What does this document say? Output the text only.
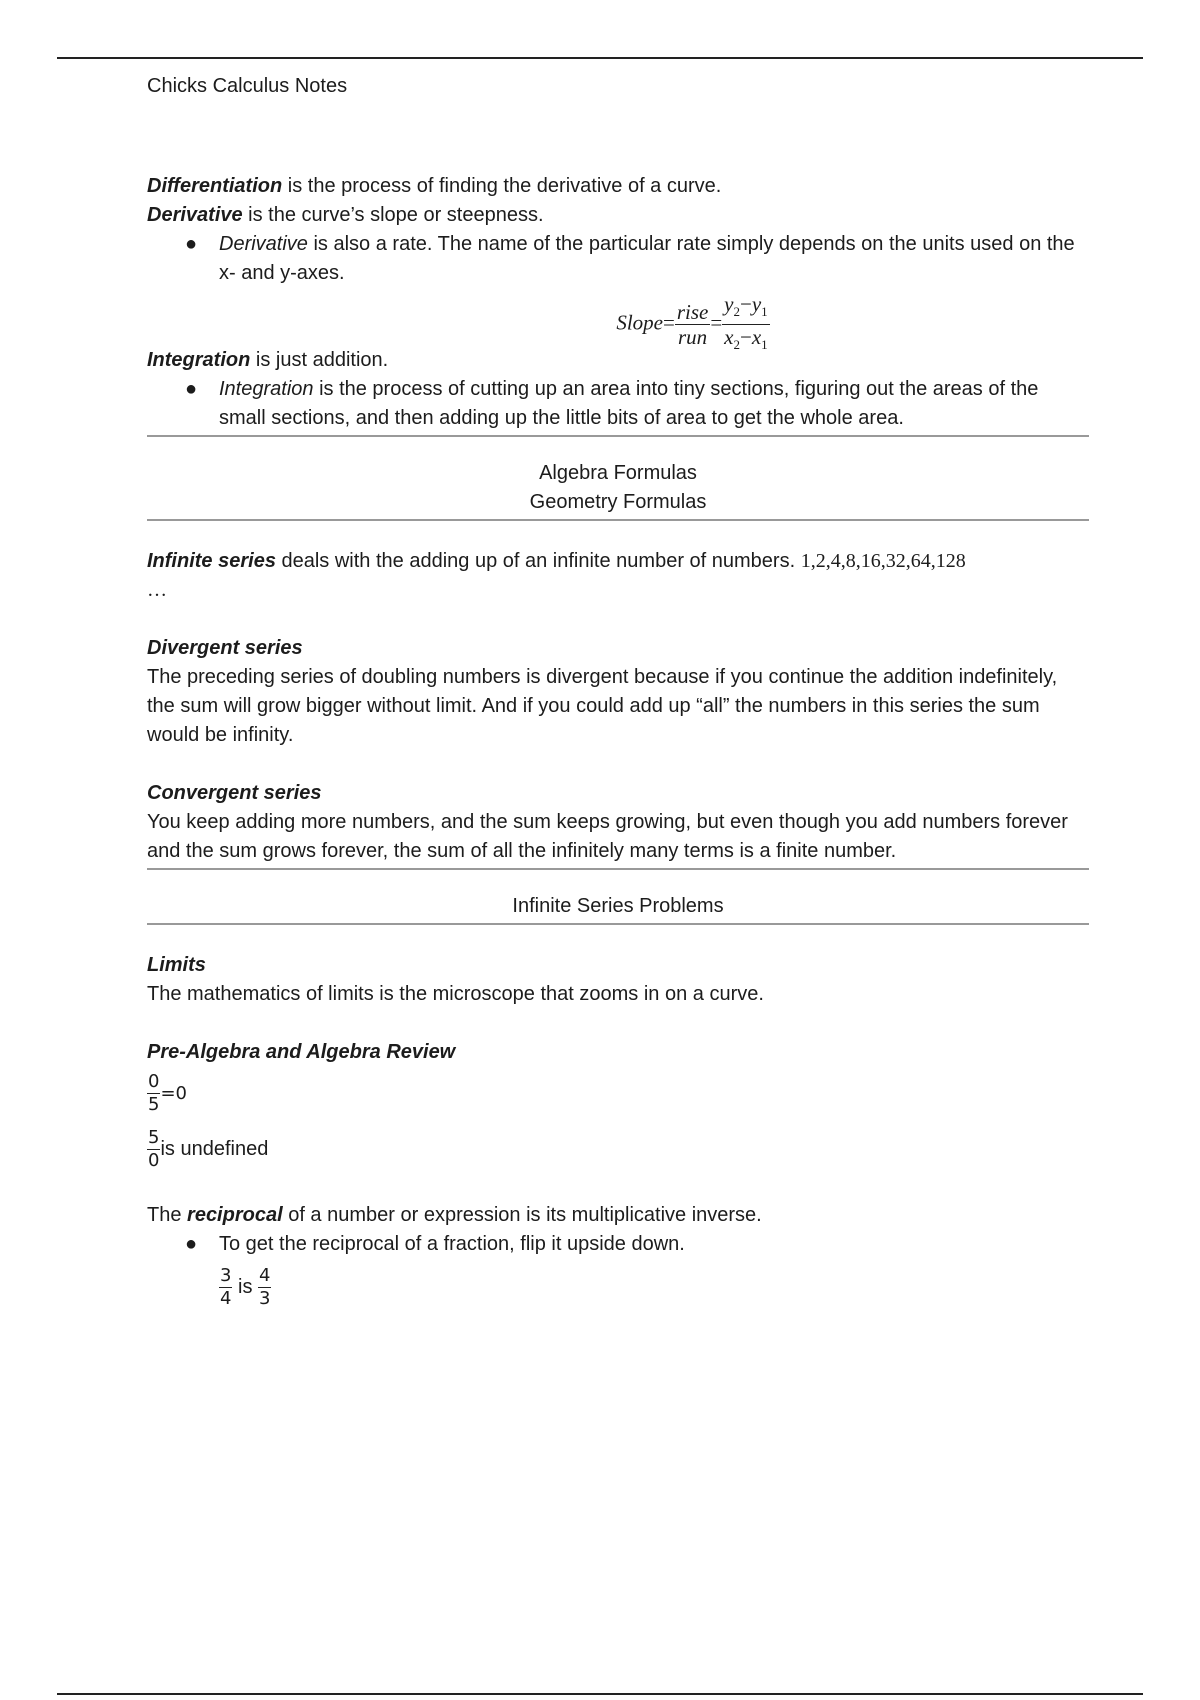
Chicks Calculus Notes

Differentiation is the process of finding the derivative of a curve.

Derivative is the curve’s slope or steepness.

● Derivative is also a rate. The name of the particular rate simply depends on the units used on the x- and y-axes.
Slope= $\frac{\text{rise}}{\text{run}} = \frac{y_2-y_1}{x_2-x_1}$

Integration is just addition.

● Integration is the process of cutting up an area into tiny sections, figuring out the areas of the small sections, and then adding up the little bits of area to get the whole area.

Algebra Formulas

Geometry Formulas

Infinite series deals with the adding up of an infinite number of numbers. 1,2,4,8,16,32,64,128
…

Divergent series

The preceding series of doubling numbers is divergent because if you continue the addition indefinitely, the sum will grow bigger without limit. And if you could add up “all” the numbers in this series the sum would be infinity.

Convergent series

You keep adding more numbers, and the sum keeps growing, but even though you add numbers forever and the sum grows forever, the sum of all the infinitely many terms is a finite number.

Infinite Series Problems

Limits

The mathematics of limits is the microscope that zooms in on a curve.

Pre-Algebra and Algebra Review

$\frac{0}{5} =0$
$\frac{5}{0}$ is undefined

The reciprocal of a number or expression is its multiplicative inverse.

● To get the reciprocal of a fraction, flip it upside down.
$\frac{3}{4}$ is $\frac{4}{3}$
